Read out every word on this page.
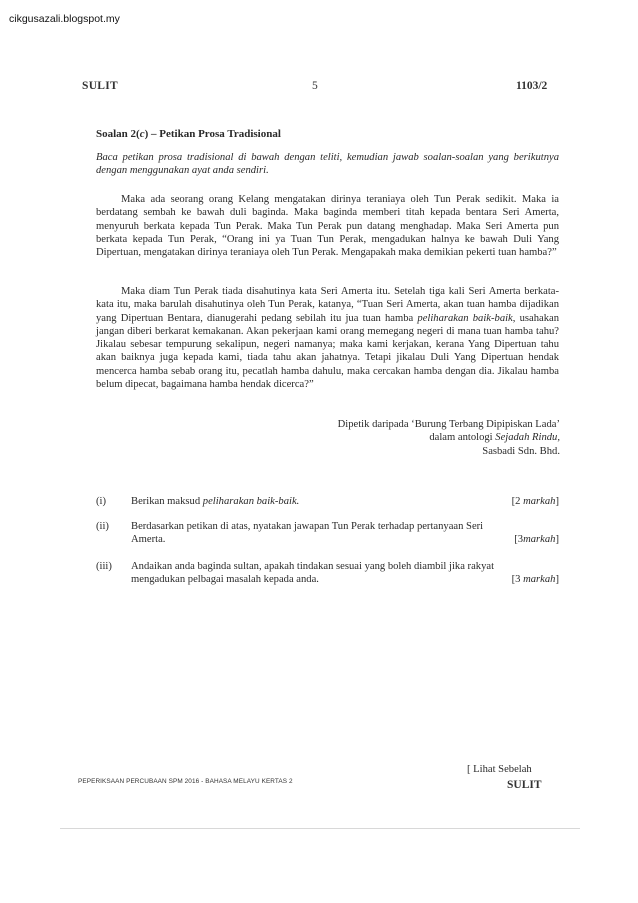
cikgusazali.blogspot.my
SULIT	5	1103/2
Soalan 2(c) – Petikan Prosa Tradisional
Baca petikan prosa tradisional di bawah dengan teliti, kemudian jawab soalan-soalan yang berikutnya dengan menggunakan ayat anda sendiri.

Maka ada seorang orang Kelang mengatakan dirinya teraniaya oleh Tun Perak sedikit. Maka ia berdatang sembah ke bawah duli baginda. Maka baginda memberi titah kepada bentara Seri Amerta, menyuruh berkata kepada Tun Perak. Maka Tun Perak pun datang menghadap. Maka Seri Amerta pun berkata kepada Tun Perak, “Orang ini ya Tuan Tun Perak, mengadukan halnya ke bawah Duli Yang Dipertuan, mengatakan dirinya teraniaya oleh Tun Perak. Mengapakah maka demikian pekerti tuan hamba?”

Maka diam Tun Perak tiada disahutinya kata Seri Amerta itu. Setelah tiga kali Seri Amerta berkata-kata itu, maka barulah disahutinya oleh Tun Perak, katanya, “Tuan Seri Amerta, akan tuan hamba dijadikan yang Dipertuan Bentara, dianugerahi pedang sebilah itu jua tuan hamba peliharakan baik-baik, usahakan jangan diberi berkarat kemakanan. Akan pekerjaan kami orang memegang negeri di mana tuan hamba tahu? Jikalau sebesar tempurung sekalipun, negeri namanya; maka kami kerjakan, kerana Yang Dipertuan tahu akan baiknya juga kepada kami, tiada tahu akan jahatnya. Tetapi jikalau Duli Yang Dipertuan hendak mencerca hamba sebab orang itu, pecatlah hamba dahulu, maka cercakan hamba dengan dia. Jikalau hamba belum dipecat, bagaimana hamba hendak dicerca?”

Dipetik daripada ‘Burung Terbang Dipipiskan Lada’
dalam antologi Sejadah Rindu,
Sasbadi Sdn. Bhd.
(i) Berikan maksud peliharakan baik-baik.	[2 markah]
(ii) Berdasarkan petikan di atas, nyatakan jawapan Tun Perak terhadap pertanyaan Seri
Amerta.	[3markah]
(iii) Andaikan anda baginda sultan, apakah tindakan sesuai yang boleh diambil jika rakyat
mengadukan pelbagai masalah kepada anda.	[3 markah]
[ Lihat Sebelah
SULIT
PEPERIKSAAN PERCUBAAN SPM 2016 - BAHASA MELAYU KERTAS 2
